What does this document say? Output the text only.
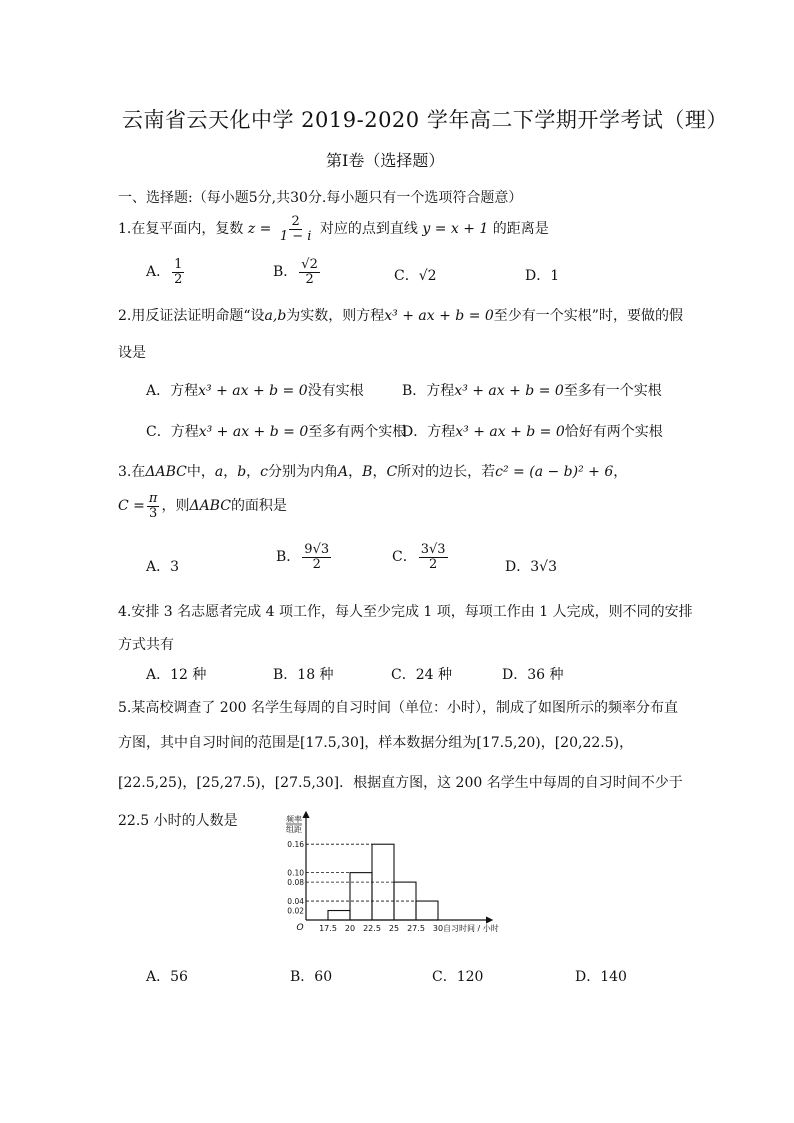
云南省云天化中学 2019-2020 学年高二下学期开学考试（理）
第Ⅰ卷（选择题）
一、选择题:（每小题5分,共30分.每小题只有一个选项符合题意）
1.在复平面内，复数 $z = \frac{2}{1 - i}$ 对应的点到直线 y = x + 1 的距离是
A． $\frac{1}{2}$	B． $\frac{√2}{2}$	C．√2	D．1
2.用反证法证明命题“设a,b为实数，则方程x³ + ax + b = 0至少有一个实根”时，要做的假
设是
A．方程x³ + ax + b = 0没有实根	B．方程x³ + ax + b = 0至多有一个实根
C．方程x³ + ax + b = 0至多有两个实根
D．方程x³ + ax + b = 0恰好有两个实根
3.在ΔABC中，a，b，c分别为内角A，B，C所对的边长，若c² = (a − b)² + 6，
$C = \frac{\pi}{3}$ ，则ΔABC的面积是
A．3
B． $\frac{9√3}{2}$	C． $\frac{3√3}{2}$	D．3√3
4.安排 3 名志愿者完成 4 项工作，每人至少完成 1 项，每项工作由 1 人完成，则不同的安排
方式共有
A．12 种	B．18 种	C．24 种	D．36 种
5.某高校调查了 200 名学生每周的自习时间（单位：小时），制成了如图所示的频率分布直
方图，其中自习时间的范围是[17.5,30]，样本数据分组为[17.5,20)，[20,22.5)，
[22.5,25)，[25,27.5)，[27.5,30]．根据直方图，这 200 名学生中每周的自习时间不少于
22.5 小时的人数是	频率
组距
O
0.02
0.04
0.08
0.10
0.16
17.5 20 22.5 25 27.5 30 自习时间 / 小时
A．56	B．60	C．120	D．140
